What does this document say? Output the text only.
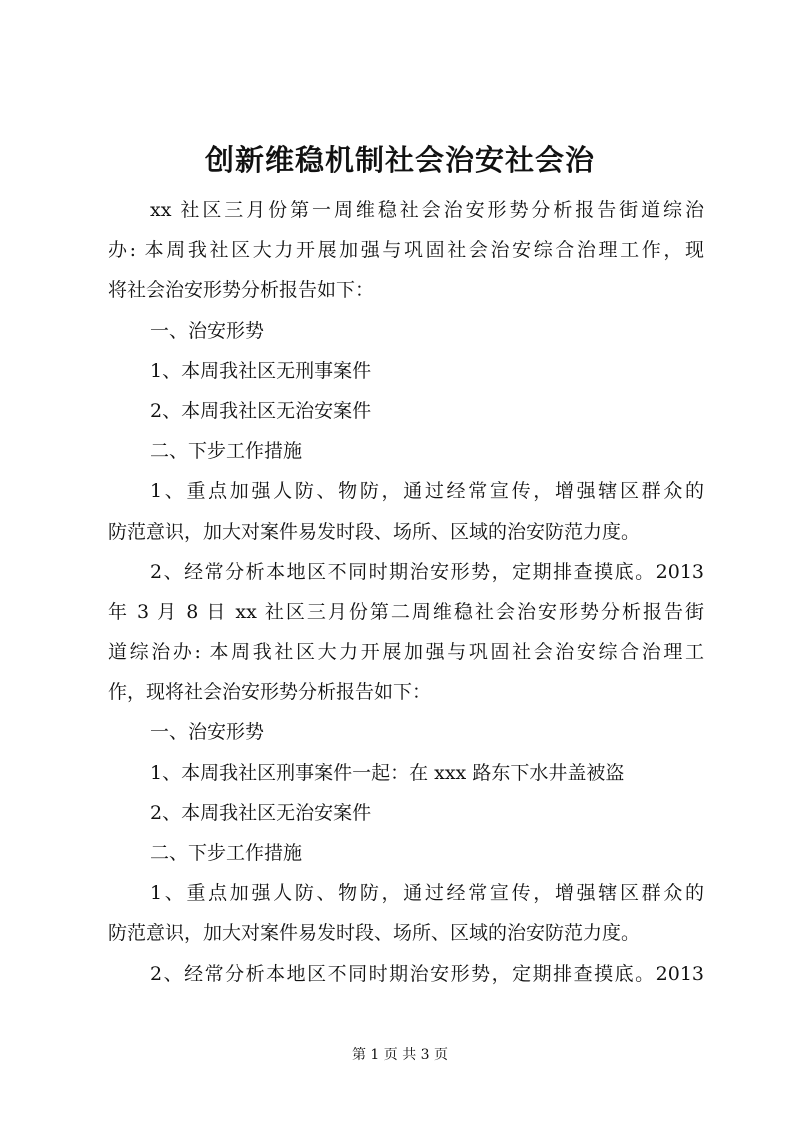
创新维稳机制社会治安社会治
xx 社区三月份第一周维稳社会治安形势分析报告街道综治
办: 本周我社区大力开展加强与巩固社会治安综合治理工作，现
将社会治安形势分析报告如下：
一、治安形势
1、本周我社区无刑事案件
2、本周我社区无治安案件
二、下步工作措施
1、重点加强人防、物防，通过经常宣传，增强辖区群众的
防范意识，加大对案件易发时段、场所、区域的治安防范力度。
2、经常分析本地区不同时期治安形势，定期排查摸底。2013
年 3 月 8 日 xx 社区三月份第二周维稳社会治安形势分析报告街
道综治办: 本周我社区大力开展加强与巩固社会治安综合治理工
作，现将社会治安形势分析报告如下：
一、治安形势
1、本周我社区刑事案件一起：在 xxx 路东下水井盖被盗
2、本周我社区无治安案件
二、下步工作措施
1、重点加强人防、物防，通过经常宣传，增强辖区群众的
防范意识，加大对案件易发时段、场所、区域的治安防范力度。
2、经常分析本地区不同时期治安形势，定期排查摸底。2013
第 1 页 共 3 页
